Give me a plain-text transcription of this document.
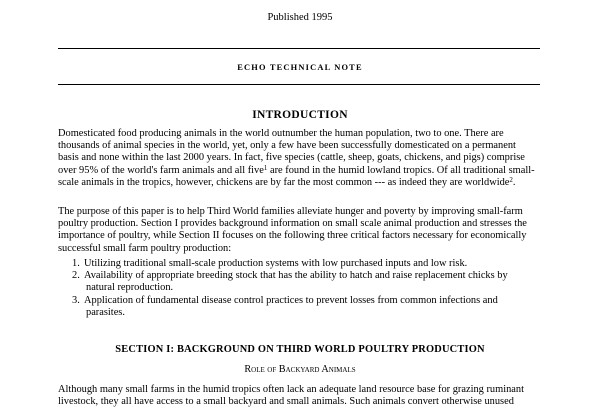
Published 1995
ECHO TECHNICAL NOTE
INTRODUCTION

Domesticated food producing animals in the world outnumber the human population, two to one. There are
thousands of animal species in the world, yet, only a few have been successfully domesticated on a permanent
basis and none within the last 2000 years. In fact, five species (cattle, sheep, goats, chickens, and pigs) comprise
over 95% of the world's farm animals and all five$^1$ are found in the humid lowland tropics. Of all traditional small-
scale animals in the tropics, however, chickens are by far the most common --- as indeed they are worldwide$^2$.

The purpose of this paper is to help Third World families alleviate hunger and poverty by improving small-farm
poultry production. Section I provides background information on small scale animal production and stresses the
importance of poultry, while Section II focuses on the following three critical factors necessary for economically
successful small farm poultry production:

1. Utilizing traditional small-scale production systems with low purchased inputs and low risk.
2. Availability of appropriate breeding stock that has the ability to hatch and raise replacement chicks by
natural reproduction.
3. Application of fundamental disease control practices to prevent losses from common infections and
parasites.
SECTION I: BACKGROUND ON THIRD WORLD POULTRY PRODUCTION
Role of Backyard Animals
Although many small farms in the humid tropics often lack an adequate land resource base for grazing ruminant
livestock, they all have access to a small backyard and small animals. Such animals convert otherwise unused
